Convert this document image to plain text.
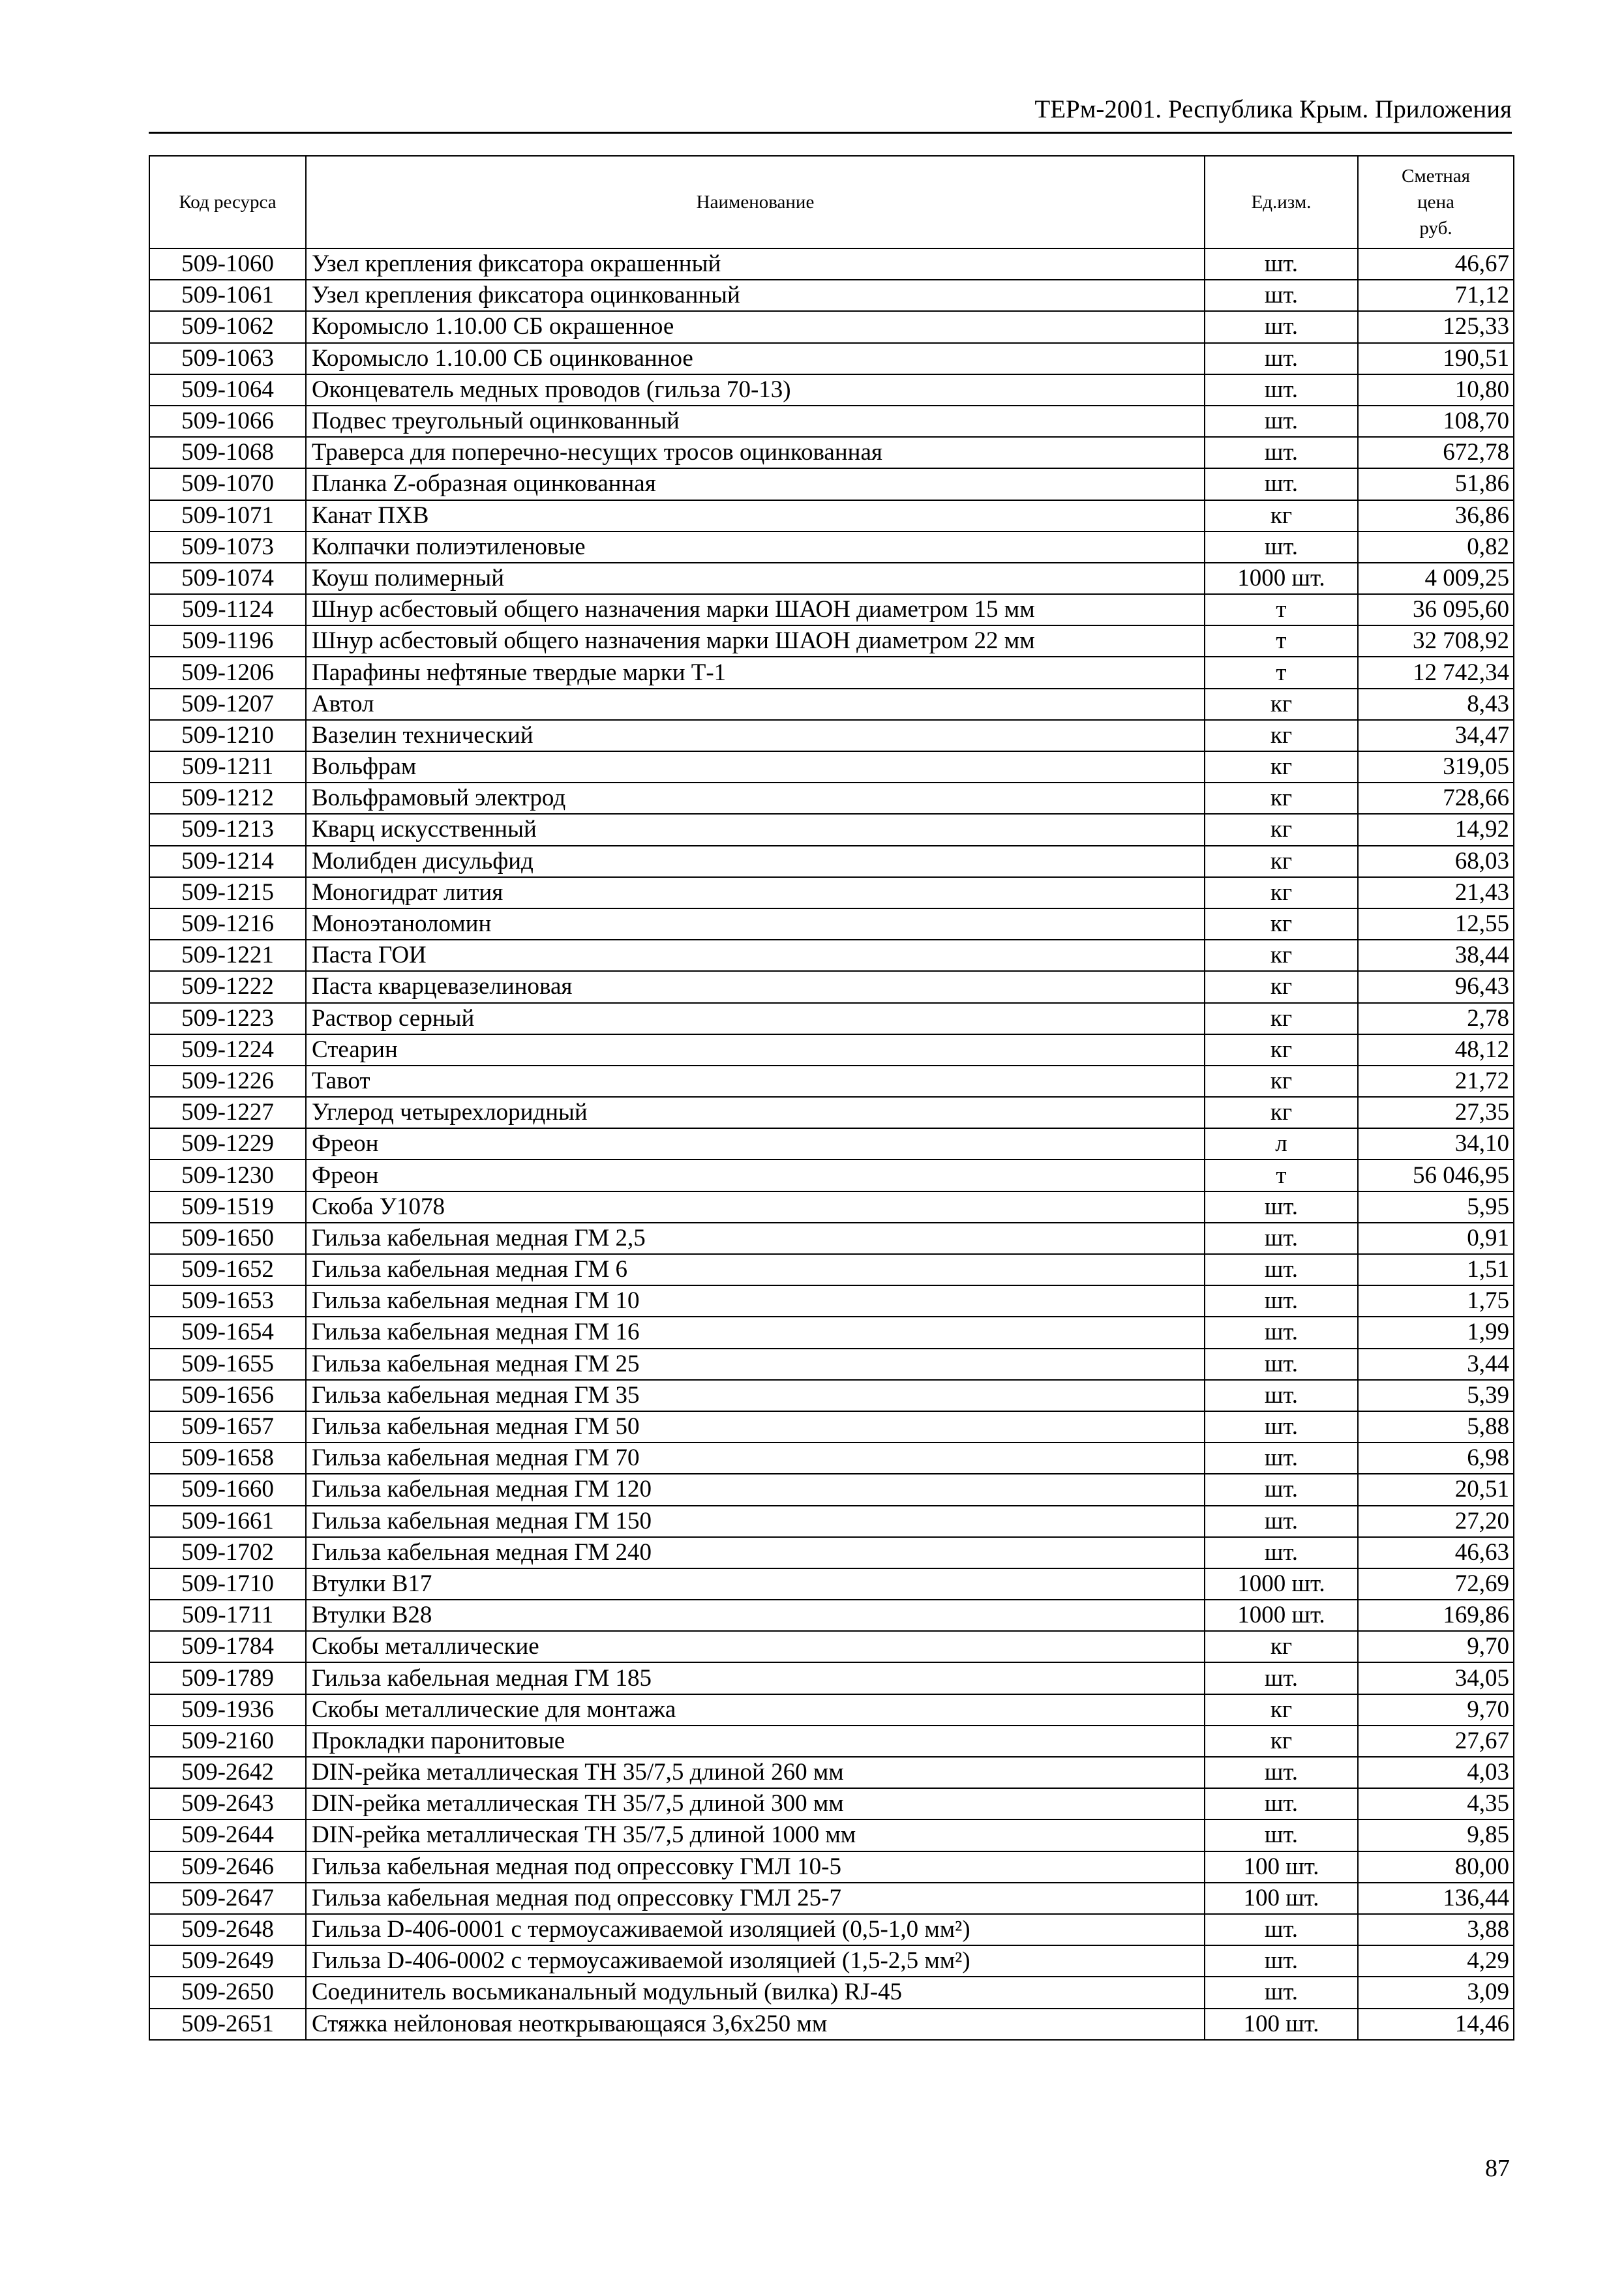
ТЕРм-2001. Республика Крым. Приложения
Код ресурса	Наименование	Ед.изм.	Сметная
цена
руб.
509-1060	Узел крепления фиксатора окрашенный	шт.	46,67
509-1061	Узел крепления фиксатора оцинкованный	шт.	71,12
509-1062	Коромысло 1.10.00 СБ окрашенное	шт.	125,33
509-1063	Коромысло 1.10.00 СБ оцинкованное	шт.	190,51
509-1064	Оконцеватель медных проводов (гильза 70-13)	шт.	10,80
509-1066	Подвес треугольный оцинкованный	шт.	108,70
509-1068	Траверса для поперечно-несущих тросов оцинкованная	шт.	672,78
509-1070	Планка Z-образная оцинкованная	шт.	51,86
509-1071	Канат ПХВ	кг	36,86
509-1073	Колпачки полиэтиленовые	шт.	0,82
509-1074	Коуш полимерный	1000 шт.	4 009,25
509-1124	Шнур асбестовый общего назначения марки ШАОН диаметром 15 мм	т	36 095,60
509-1196	Шнур асбестовый общего назначения марки ШАОН диаметром 22 мм	т	32 708,92
509-1206	Парафины нефтяные твердые марки Т-1	т	12 742,34
509-1207	Автол	кг	8,43
509-1210	Вазелин технический	кг	34,47
509-1211	Вольфрам	кг	319,05
509-1212	Вольфрамовый электрод	кг	728,66
509-1213	Кварц искусственный	кг	14,92
509-1214	Молибден дисульфид	кг	68,03
509-1215	Моногидрат лития	кг	21,43
509-1216	Моноэтаноломин	кг	12,55
509-1221	Паста ГОИ	кг	38,44
509-1222	Паста кварцевазелиновая	кг	96,43
509-1223	Раствор серный	кг	2,78
509-1224	Стеарин	кг	48,12
509-1226	Тавот	кг	21,72
509-1227	Углерод четырехлоридный	кг	27,35
509-1229	Фреон	л	34,10
509-1230	Фреон	т	56 046,95
509-1519	Скоба У1078	шт.	5,95
509-1650	Гильза кабельная медная ГМ 2,5	шт.	0,91
509-1652	Гильза кабельная медная ГМ 6	шт.	1,51
509-1653	Гильза кабельная медная ГМ 10	шт.	1,75
509-1654	Гильза кабельная медная ГМ 16	шт.	1,99
509-1655	Гильза кабельная медная ГМ 25	шт.	3,44
509-1656	Гильза кабельная медная ГМ 35	шт.	5,39
509-1657	Гильза кабельная медная ГМ 50	шт.	5,88
509-1658	Гильза кабельная медная ГМ 70	шт.	6,98
509-1660	Гильза кабельная медная ГМ 120	шт.	20,51
509-1661	Гильза кабельная медная ГМ 150	шт.	27,20
509-1702	Гильза кабельная медная ГМ 240	шт.	46,63
509-1710	Втулки В17	1000 шт.	72,69
509-1711	Втулки В28	1000 шт.	169,86
509-1784	Скобы металлические	кг	9,70
509-1789	Гильза кабельная медная ГМ 185	шт.	34,05
509-1936	Скобы металлические для монтажа	кг	9,70
509-2160	Прокладки паронитовые	кг	27,67
509-2642	DIN-рейка металлическая ТН 35/7,5 длиной 260 мм	шт.	4,03
509-2643	DIN-рейка металлическая ТН 35/7,5 длиной 300 мм	шт.	4,35
509-2644	DIN-рейка металлическая ТН 35/7,5 длиной 1000 мм	шт.	9,85
509-2646	Гильза кабельная медная под опрессовку ГМЛ 10-5	100 шт.	80,00
509-2647	Гильза кабельная медная под опрессовку ГМЛ 25-7	100 шт.	136,44
509-2648	Гильза D-406-0001 с термоусаживаемой изоляцией (0,5-1,0 мм²)	шт.	3,88
509-2649	Гильза D-406-0002 с термоусаживаемой изоляцией (1,5-2,5 мм²)	шт.	4,29
509-2650	Соединитель восьмиканальный модульный (вилка) RJ-45	шт.	3,09
509-2651	Стяжка нейлоновая неоткрывающаяся 3,6x250 мм	100 шт.	14,46
87
